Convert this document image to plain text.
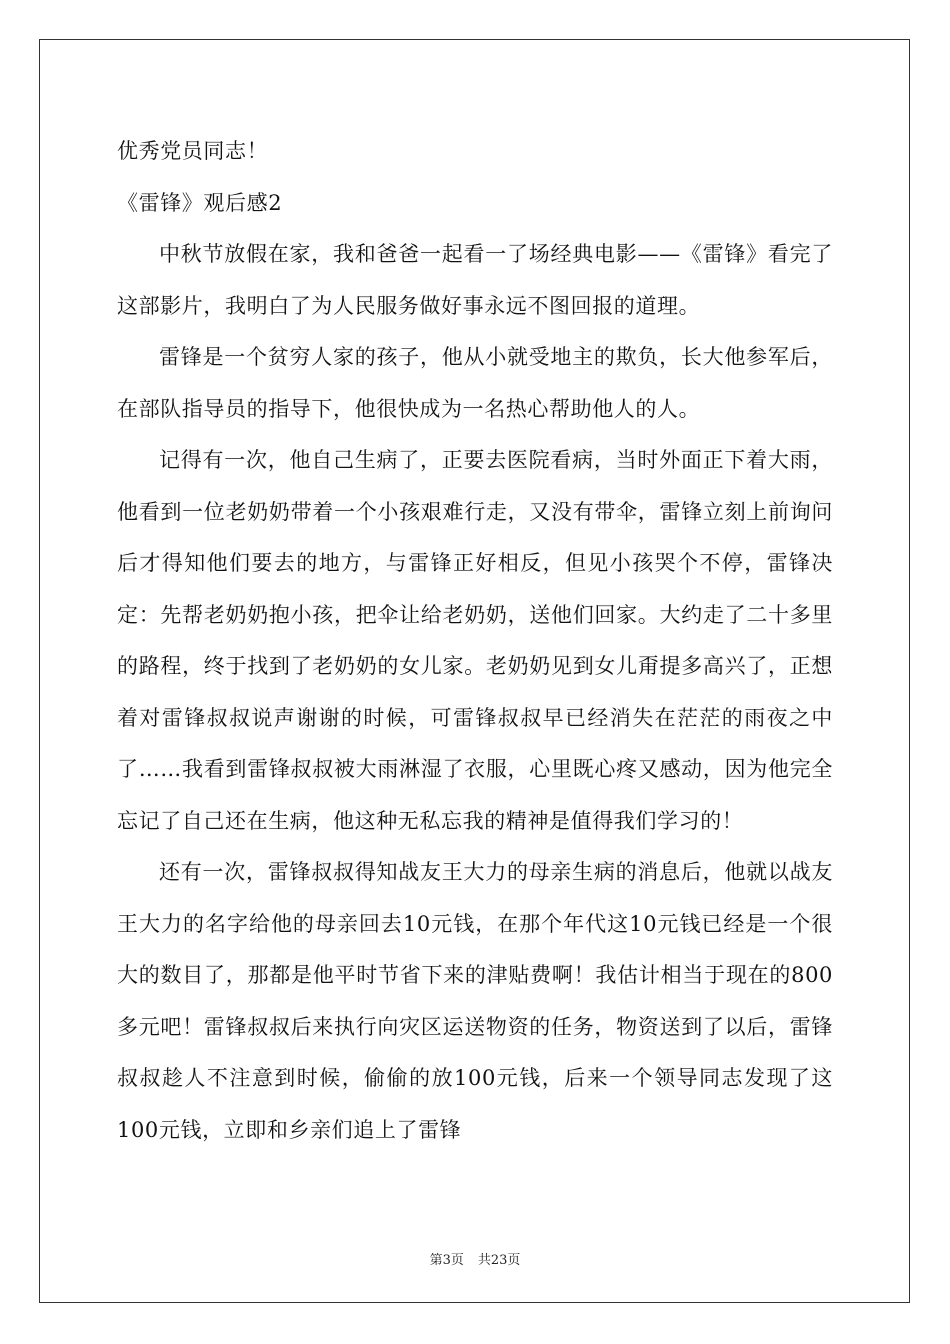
优秀党员同志！
《雷锋》观后感2

中秋节放假在家，我和爸爸一起看一了场经典电影——《雷锋》看完了这部影片，我明白了为人民服务做好事永远不图回报的道理。

雷锋是一个贫穷人家的孩子，他从小就受地主的欺负，长大他参军后，在部队指导员的指导下，他很快成为一名热心帮助他人的人。

记得有一次，他自己生病了，正要去医院看病，当时外面正下着大雨，他看到一位老奶奶带着一个小孩艰难行走，又没有带伞，雷锋立刻上前询问后才得知他们要去的地方，与雷锋正好相反，但见小孩哭个不停，雷锋决定：先帮老奶奶抱小孩，把伞让给老奶奶，送他们回家。大约走了二十多里的路程，终于找到了老奶奶的女儿家。老奶奶见到女儿甭提多高兴了，正想着对雷锋叔叔说声谢谢的时候，可雷锋叔叔早已经消失在茫茫的雨夜之中了……我看到雷锋叔叔被大雨淋湿了衣服，心里既心疼又感动，因为他完全忘记了自己还在生病，他这种无私忘我的精神是值得我们学习的！

还有一次，雷锋叔叔得知战友王大力的母亲生病的消息后，他就以战友王大力的名字给他的母亲回去10元钱，在那个年代这10元钱已经是一个很大的数目了，那都是他平时节省下来的津贴费啊！我估计相当于现在的800多元吧！雷锋叔叔后来执行向灾区运送物资的任务，物资送到了以后，雷锋叔叔趁人不注意到时候，偷偷的放100元钱，后来一个领导同志发现了这100元钱，立即和乡亲们追上了雷锋

第3页 共23页
